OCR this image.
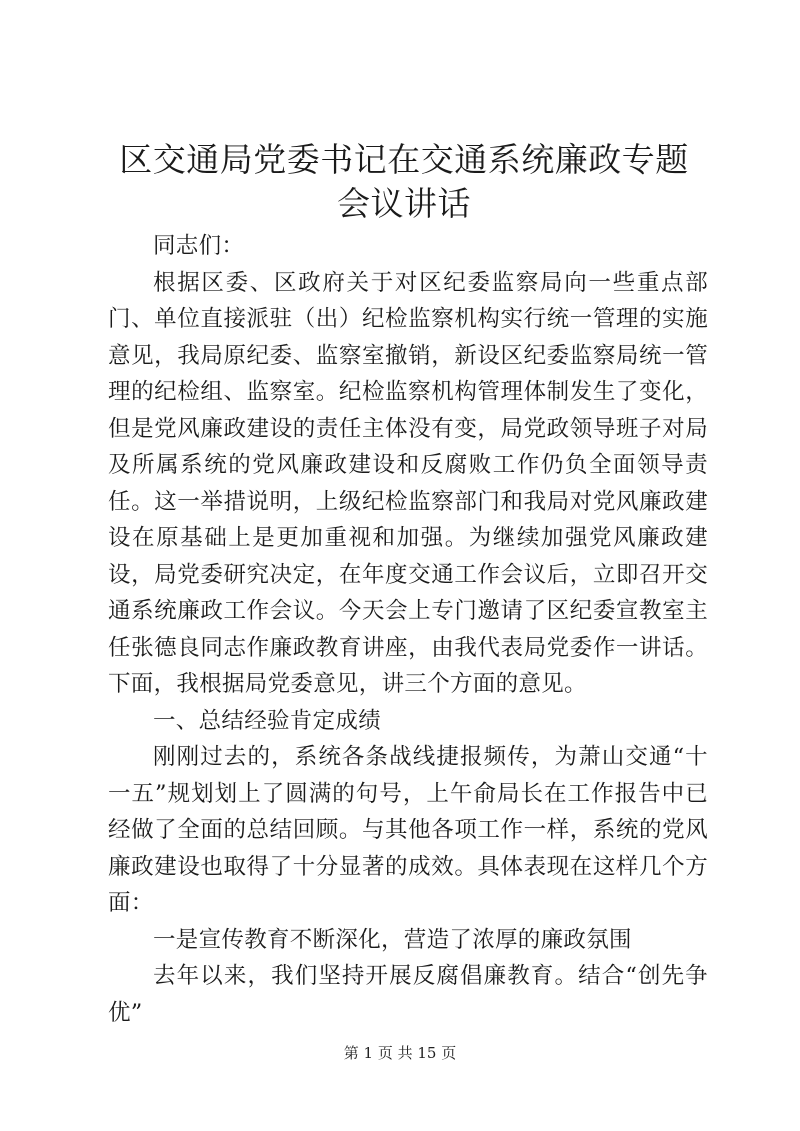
区交通局党委书记在交通系统廉政专题会议讲话

同志们：

根据区委、区政府关于对区纪委监察局向一些重点部门、单位直接派驻（出）纪检监察机构实行统一管理的实施意见，我局原纪委、监察室撤销，新设区纪委监察局统一管理的纪检组、监察室。纪检监察机构管理体制发生了变化，但是党风廉政建设的责任主体没有变，局党政领导班子对局及所属系统的党风廉政建设和反腐败工作仍负全面领导责任。这一举措说明，上级纪检监察部门和我局对党风廉政建设在原基础上是更加重视和加强。为继续加强党风廉政建设，局党委研究决定，在年度交通工作会议后，立即召开交通系统廉政工作会议。今天会上专门邀请了区纪委宣教室主任张德良同志作廉政教育讲座，由我代表局党委作一讲话。下面，我根据局党委意见，讲三个方面的意见。

一、总结经验肯定成绩

刚刚过去的，系统各条战线捷报频传，为萧山交通“十一五”规划划上了圆满的句号，上午俞局长在工作报告中已经做了全面的总结回顾。与其他各项工作一样，系统的党风廉政建设也取得了十分显著的成效。具体表现在这样几个方面：

一是宣传教育不断深化，营造了浓厚的廉政氛围

去年以来，我们坚持开展反腐倡廉教育。结合“创先争优”

第 1 页 共 15 页
